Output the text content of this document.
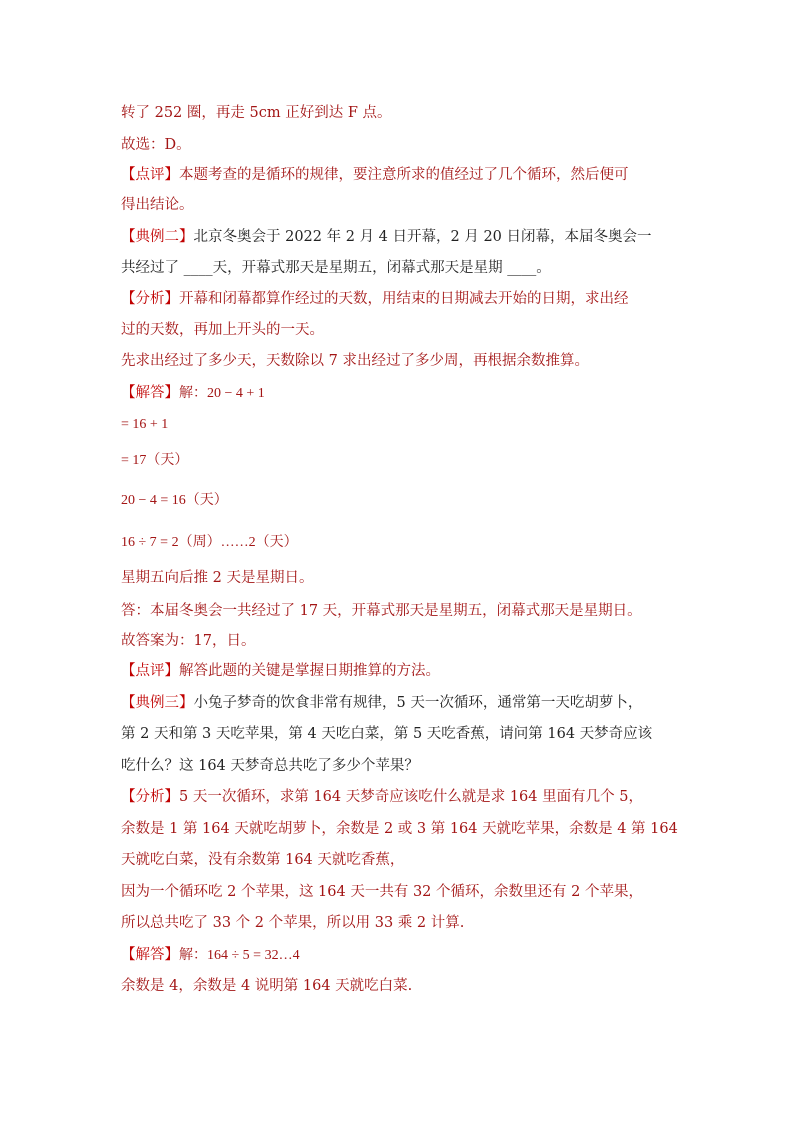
转了 252 圈，再走 5cm 正好到达 F 点。
故选：D。
【点评】本题考查的是循环的规律，要注意所求的值经过了几个循环，然后便可
得出结论。
【典例二】北京冬奥会于 2022 年 2 月 4 日开幕，2 月 20 日闭幕，本届冬奥会一
共经过了 ____天，开幕式那天是星期五，闭幕式那天是星期 ____。
【分析】开幕和闭幕都算作经过的天数，用结束的日期减去开始的日期，求出经
过的天数，再加上开头的一天。
先求出经过了多少天，天数除以 7 求出经过了多少周，再根据余数推算。
【解答】解：20 − 4 + 1
= 16 + 1
= 17（天）
20 − 4 = 16（天）
16 ÷ 7 = 2（周）……2（天）
星期五向后推 2 天是星期日。
答：本届冬奥会一共经过了 17 天，开幕式那天是星期五，闭幕式那天是星期日。
故答案为：17，日。
【点评】解答此题的关键是掌握日期推算的方法。
【典例三】小兔子梦奇的饮食非常有规律，5 天一次循环，通常第一天吃胡萝卜，
第 2 天和第 3 天吃苹果，第 4 天吃白菜，第 5 天吃香蕉，请问第 164 天梦奇应该
吃什么？这 164 天梦奇总共吃了多少个苹果？
【分析】5 天一次循环，求第 164 天梦奇应该吃什么就是求 164 里面有几个 5，
余数是 1 第 164 天就吃胡萝卜，余数是 2 或 3 第 164 天就吃苹果，余数是 4 第 164
天就吃白菜，没有余数第 164 天就吃香蕉，
因为一个循环吃 2 个苹果，这 164 天一共有 32 个循环，余数里还有 2 个苹果，
所以总共吃了 33 个 2 个苹果，所以用 33 乘 2 计算.
【解答】解：164 ÷ 5 = 32…4
余数是 4，余数是 4 说明第 164 天就吃白菜.
